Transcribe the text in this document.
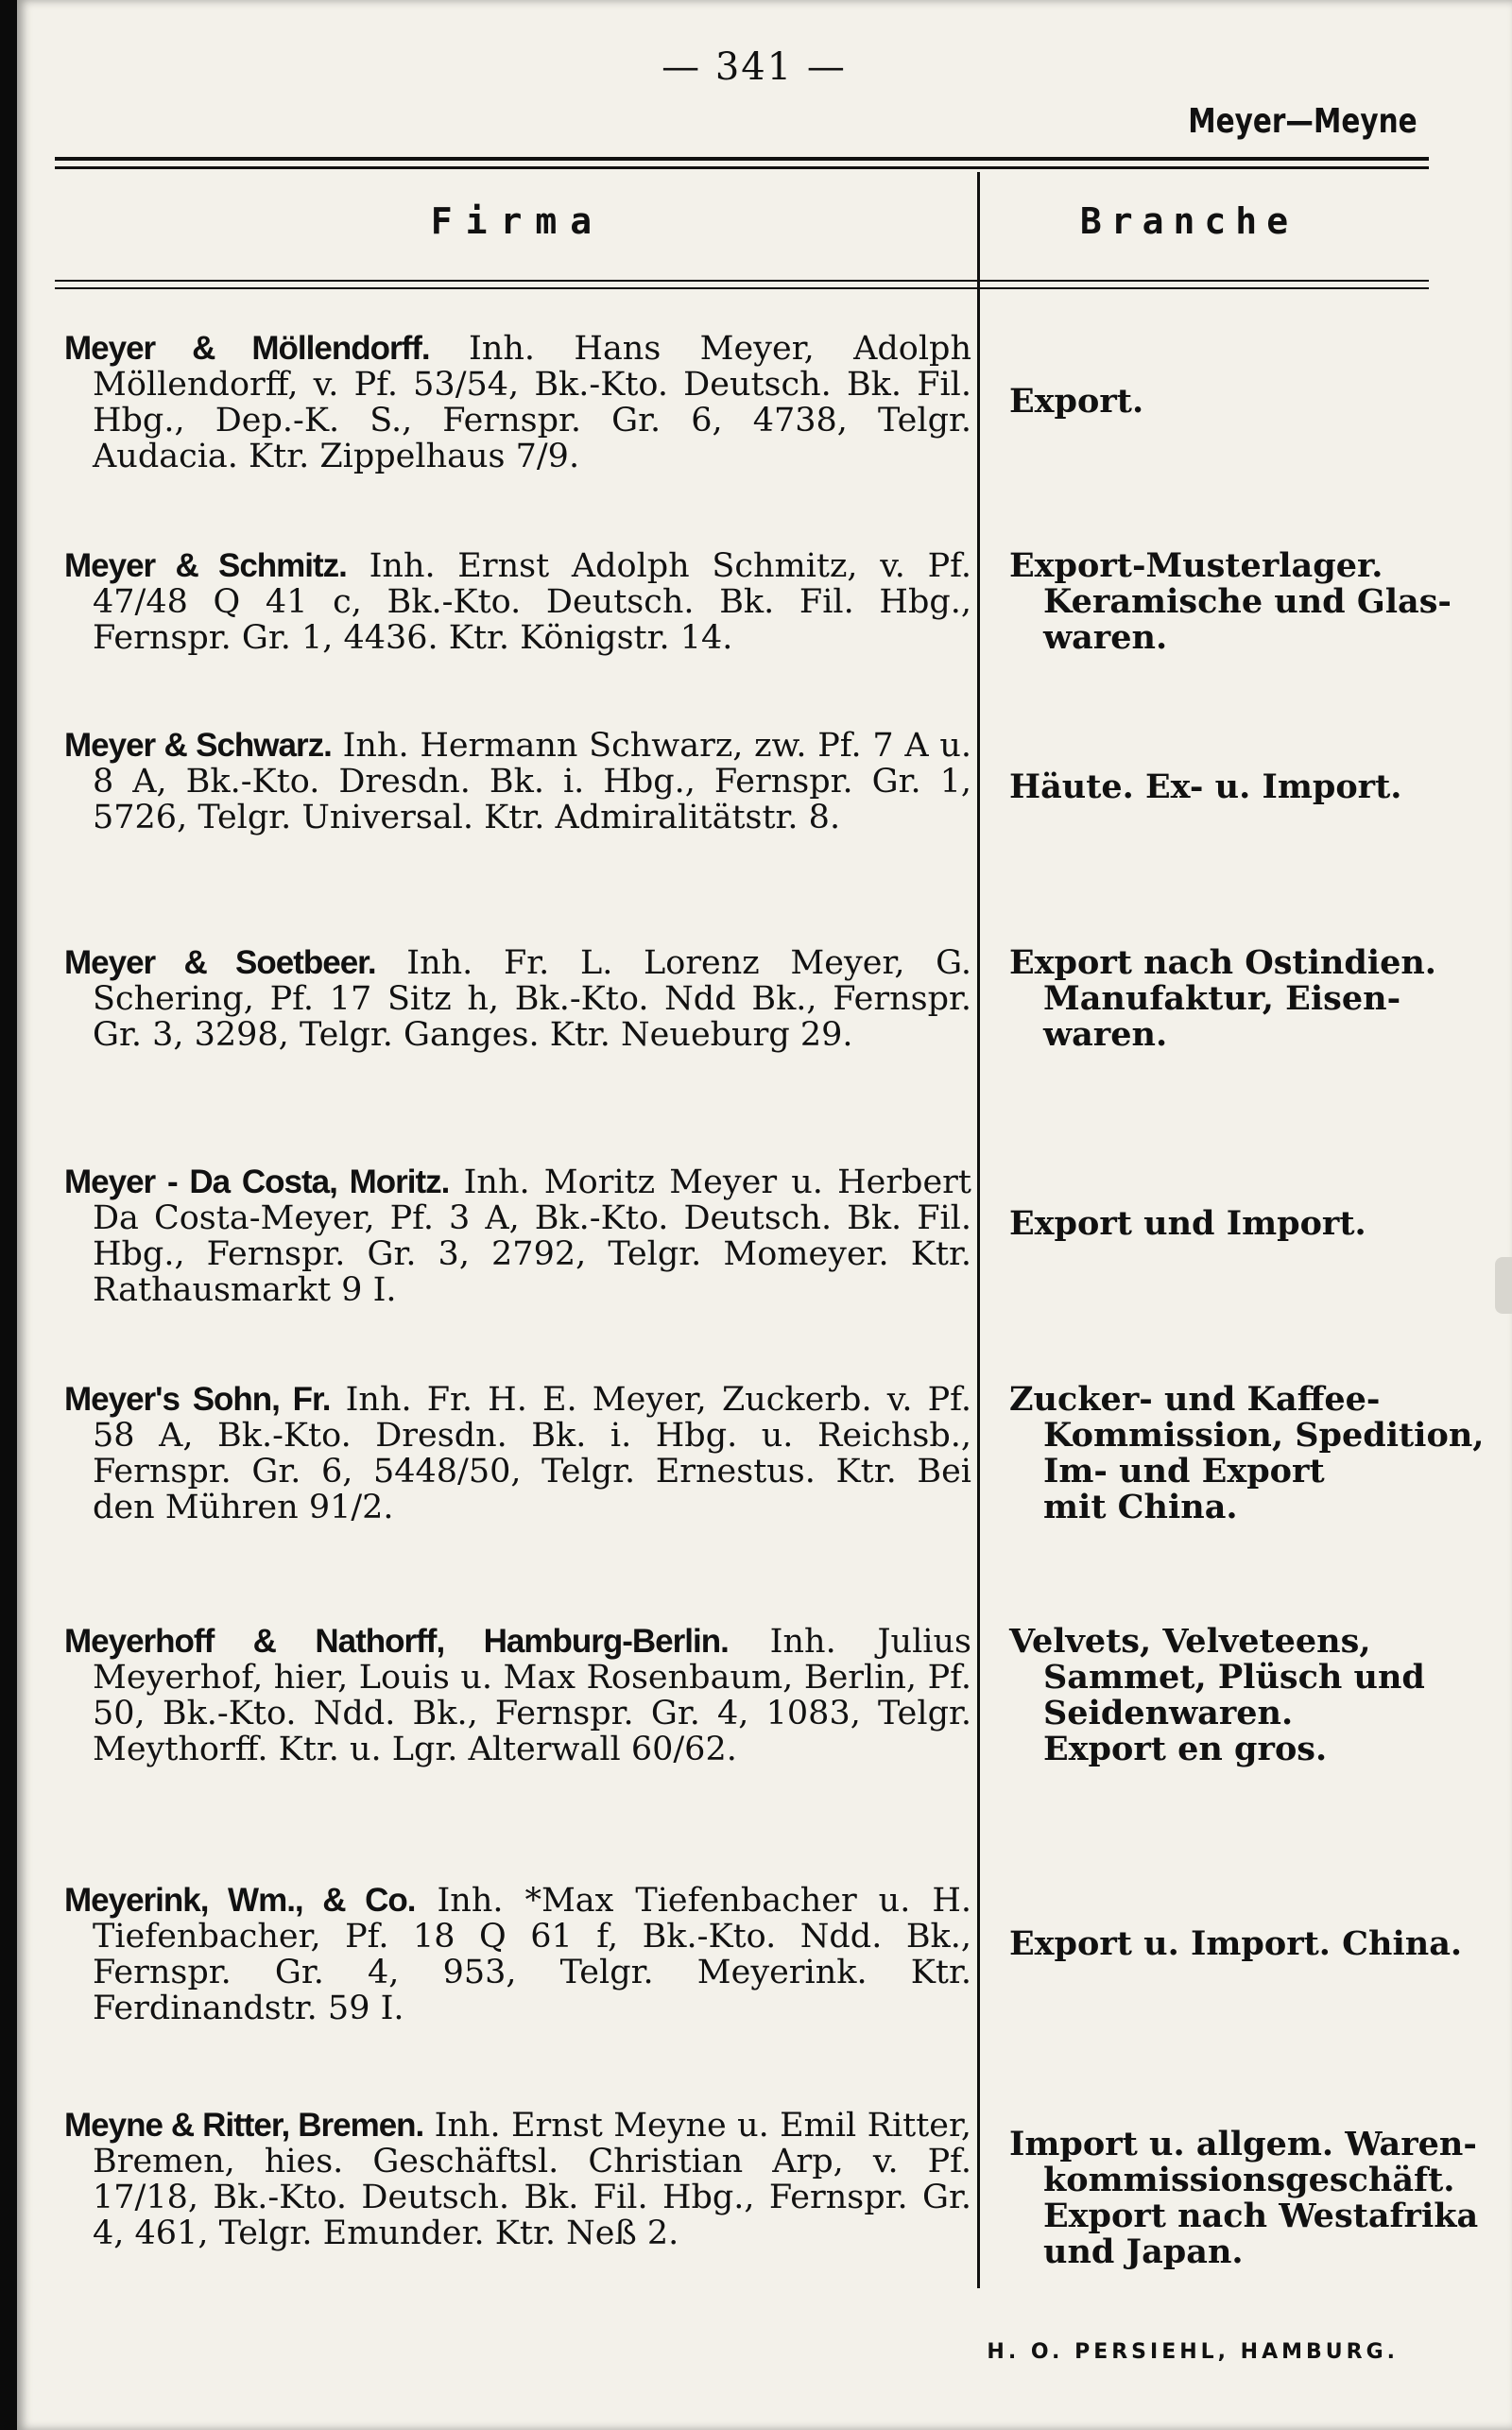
— 341 —
Meyer—Meyne
Firma	Branche
Meyer & Möllendorff. Inh. Hans Meyer, Adolph Möllendorff, v. Pf. 53/54, Bk.-Kto. Deutsch. Bk. Fil. Hbg., Dep.-K. S., Fernspr. Gr. 6, 4738, Telgr. Audacia. Ktr. Zippelhaus 7/9.
Export.
Meyer & Schmitz. Inh. Ernst Adolph Schmitz, v. Pf. 47/48 Q 41 c, Bk.-Kto. Deutsch. Bk. Fil. Hbg., Fernspr. Gr. 1, 4436. Ktr. Königstr. 14.
Export-Musterlager.
Keramische und Glas-
waren.
Meyer & Schwarz. Inh. Hermann Schwarz, zw. Pf. 7 A u. 8 A, Bk.-Kto. Dresdn. Bk. i. Hbg., Fernspr. Gr. 1, 5726, Telgr. Universal. Ktr. Admiralitätstr. 8.
Häute. Ex- u. Import.
Meyer & Soetbeer. Inh. Fr. L. Lorenz Meyer, G. Schering, Pf. 17 Sitz h, Bk.-Kto. Ndd Bk., Fernspr. Gr. 3, 3298, Telgr. Ganges. Ktr. Neueburg 29.
Export nach Ostindien.
Manufaktur, Eisen-
waren.
Meyer - Da Costa, Moritz. Inh. Moritz Meyer u. Herbert Da Costa-Meyer, Pf. 3 A, Bk.-Kto. Deutsch. Bk. Fil. Hbg., Fernspr. Gr. 3, 2792, Telgr. Momeyer. Ktr. Rathausmarkt 9 I.
Export und Import.
Meyer's Sohn, Fr. Inh. Fr. H. E. Meyer, Zuckerb. v. Pf. 58 A, Bk.-Kto. Dresdn. Bk. i. Hbg. u. Reichsb., Fernspr. Gr. 6, 5448/50, Telgr. Ernestus. Ktr. Bei den Mühren 91/2.
Zucker- und Kaffee-
Kommission, Spedition,
Im- und Export
mit China.
Meyerhoff & Nathorff, Hamburg-Berlin. Inh. Julius Meyerhof, hier, Louis u. Max Rosenbaum, Berlin, Pf. 50, Bk.-Kto. Ndd. Bk., Fernspr. Gr. 4, 1083, Telgr. Meythorff. Ktr. u. Lgr. Alterwall 60/62.
Velvets, Velveteens,
Sammet, Plüsch und
Seidenwaren.
Export en gros.
Meyerink, Wm., & Co. Inh. *Max Tiefenbacher u. H. Tiefenbacher, Pf. 18 Q 61 f, Bk.-Kto. Ndd. Bk., Fernspr. Gr. 4, 953, Telgr. Meyerink. Ktr. Ferdinandstr. 59 I.
Export u. Import. China.
Meyne & Ritter, Bremen. Inh. Ernst Meyne u. Emil Ritter, Bremen, hies. Geschäftsl. Christian Arp, v. Pf. 17/18, Bk.-Kto. Deutsch. Bk. Fil. Hbg., Fernspr. Gr. 4, 461, Telgr. Emunder. Ktr. Neß 2.
Import u. allgem. Waren-
kommissionsgeschäft.
Export nach Westafrika
und Japan.
H. O. PERSIEHL, HAMBURG.
